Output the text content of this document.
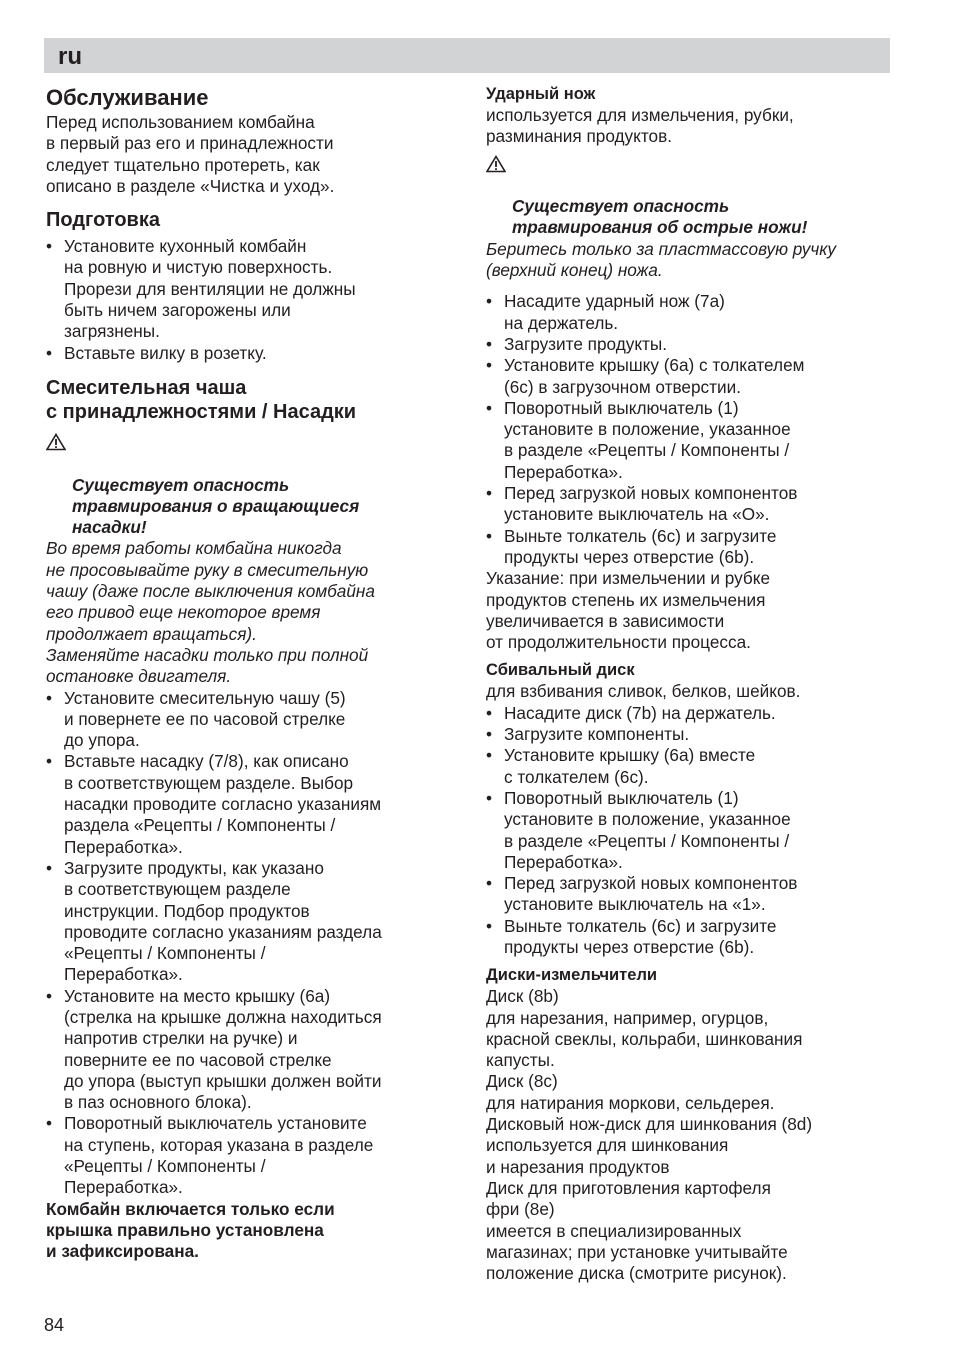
ru
Обслуживание

Перед использованием комбайна
в первый раз его и принадлежности
следует тщательно протереть, как
описано в разделе «Чистка и уход».

Подготовка
• Установите кухонный комбайн
на ровную и чистую поверхность.
Прорези для вентиляции не должны
быть ничем загорожены или
загрязнены.
• Вставьте вилку в розетку.
Смесительная чаша
с принадлежностями / Насадки

Существует опасность
травмирования о вращающиеся
насадки!

Во время работы комбайна никогда
не просовывайте руку в смесительную
чашу (даже после выключения комбайна
его привод еще некоторое время
продолжает вращаться).
Заменяйте насадки только при полной
остановке двигателя.

• Установите смесительную чашу (5)
и повернете ее по часовой стрелке
до упора.
• Вставьте насадку (7/8), как описано
в соответствующем разделе. Выбор
насадки проводите согласно указаниям
раздела «Рецепты / Компоненты /
Переработка».
• Загрузите продукты, как указано
в соответствующем разделе
инструкции. Подбор продуктов
проводите согласно указаниям раздела
«Рецепты / Компоненты /
Переработка».
• Установите на место крышку (6а)
(стрелка на крышке должна находиться
напротив стрелки на ручке) и
поверните ее по часовой стрелке
до упора (выступ крышки должен войти
в паз основного блока).
• Поворотный выключатель установите
на ступень, которая указана в разделе
«Рецепты / Компоненты /
Переработка».

Комбайн включается только если
крышка правильно установлена
и зафиксирована.

Ударный нож

используется для измельчения, рубки,
разминания продуктов.

Существует опасность
травмирования об острые ножи!

Беритесь только за пластмассовую ручку
(верхний конец) ножа.

• Насадите ударный нож (7а)
на держатель.
• Загрузите продукты.
• Установите крышку (6а) с толкателем
(6с) в загрузочном отверстии.
• Поворотный выключатель (1)
установите в положение, указанное
в разделе «Рецепты / Компоненты /
Переработка».
• Перед загрузкой новых компонентов
установите выключатель на «О».
• Выньте толкатель (6с) и загрузите
продукты через отверстие (6b).

Указание: при измельчении и рубке
продуктов степень их измельчения
увеличивается в зависимости
от продолжительности процесса.

Сбивальный диск

для взбивания сливок, белков, шейков.

• Насадите диск (7b) на держатель.
• Загрузите компоненты.
• Установите крышку (6а) вместе
с толкателем (6с).
• Поворотный выключатель (1)
установите в положение, указанное
в разделе «Рецепты / Компоненты /
Переработка».
• Перед загрузкой новых компонентов
установите выключатель на «1».
• Выньте толкатель (6с) и загрузите
продукты через отверстие (6b).
Диски-измельчители

Диск (8b)
для нарезания, например, огурцов,
красной свеклы, кольраби, шинкования
капусты.
Диск (8c)
для натирания моркови, сельдерея.
Дисковый нож-диск для шинкования (8d)
используется для шинкования
и нарезания продуктов
Диск для приготовления картофеля
фри (8e)
имеется в специализированных
магазинах; при установке учитывайте
положение диска (смотрите рисунок).

84
